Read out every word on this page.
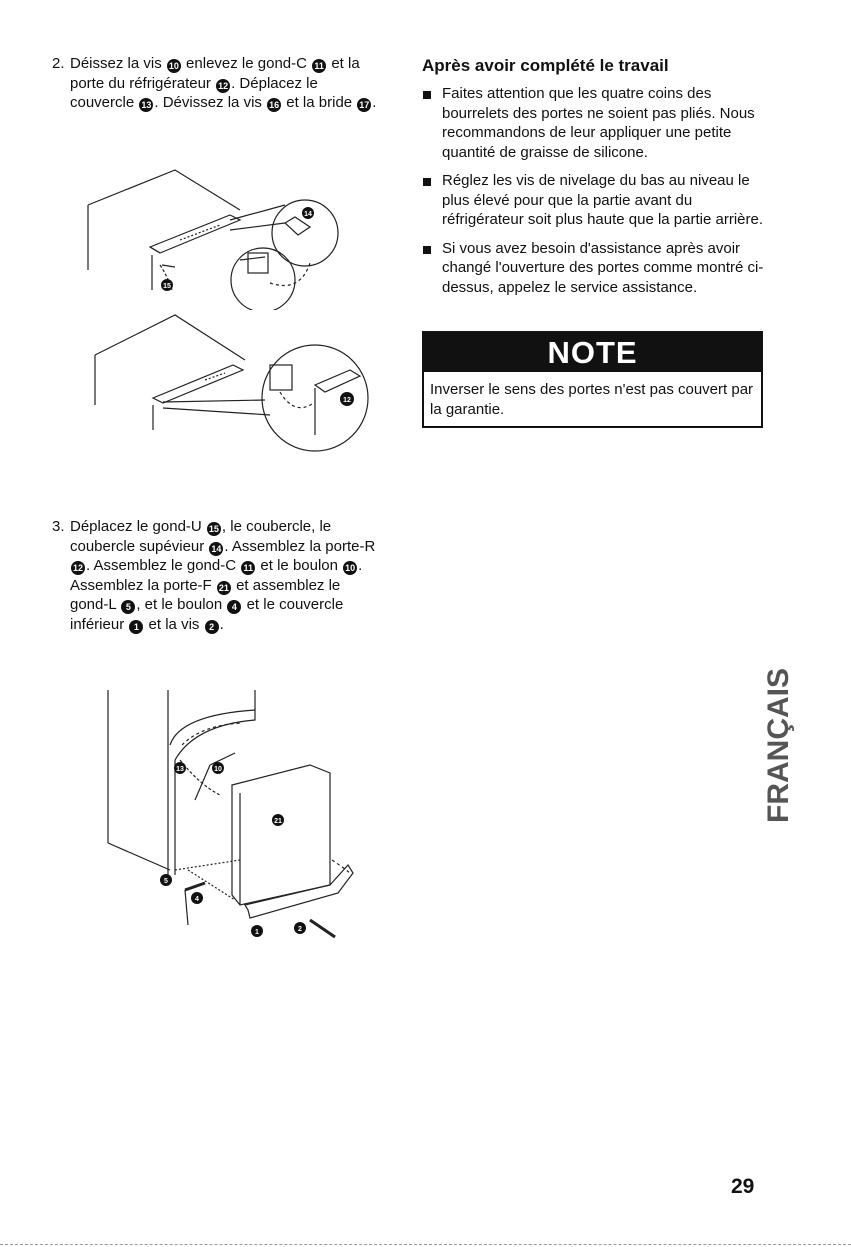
2. Déissez la vis 10 enlevez le gond-C 11 et la porte du réfrigérateur 12 . Déplacez le couvercle 13 . Dévissez la vis 16 et la bride 17 .

14
15
12
3. Déplacez le gond-U 15 , le coubercle, le coubercle supévieur 14 . Assemblez la porte-R 12 . Assemblez le gond-C 11 et le boulon 10 .
Assemblez la porte-F 21 et assemblez le gond-L 5 , et le boulon 4 et le couvercle inférieur 1 et la vis 2 .

13	10
21
5
4
1	2
Après avoir complété le travail
Faites attention que les quatre coins des bourrelets des portes ne soient pas pliés. Nous recommandons de leur appliquer une petite quantité de graisse de silicone.
Réglez les vis de nivelage du bas au niveau le plus élevé pour que la partie avant du réfrigérateur soit plus haute que la partie arrière.
Si vous avez besoin d'assistance après avoir changé l'ouverture des portes comme montré ci-dessus, appelez le service assistance.
NOTE
Inverser le sens des portes n'est pas couvert par la garantie.
FRANÇAIS
29
